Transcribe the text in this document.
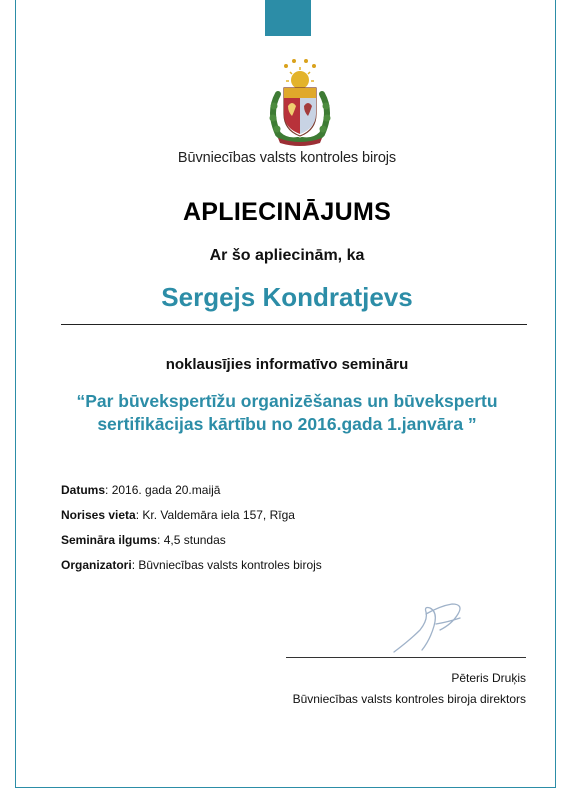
Būvniecības valsts kontroles birojs
APLIECINĀJUMS
Ar šo apliecinām, ka
Sergejs Kondratjevs
noklausījies informatīvo semināru
“Par būvekspertīžu organizēšanas un būvekspertu
sertifikācijas kārtību no 2016.gada 1.janvāra ”
Datums: 2016. gada 20.maijā
Norises vieta: Kr. Valdemāra iela 157, Rīga
Semināra ilgums: 4,5 stundas
Organizatori: Būvniecības valsts kontroles birojs
Pēteris Druķis
Būvniecības valsts kontroles biroja direktors
